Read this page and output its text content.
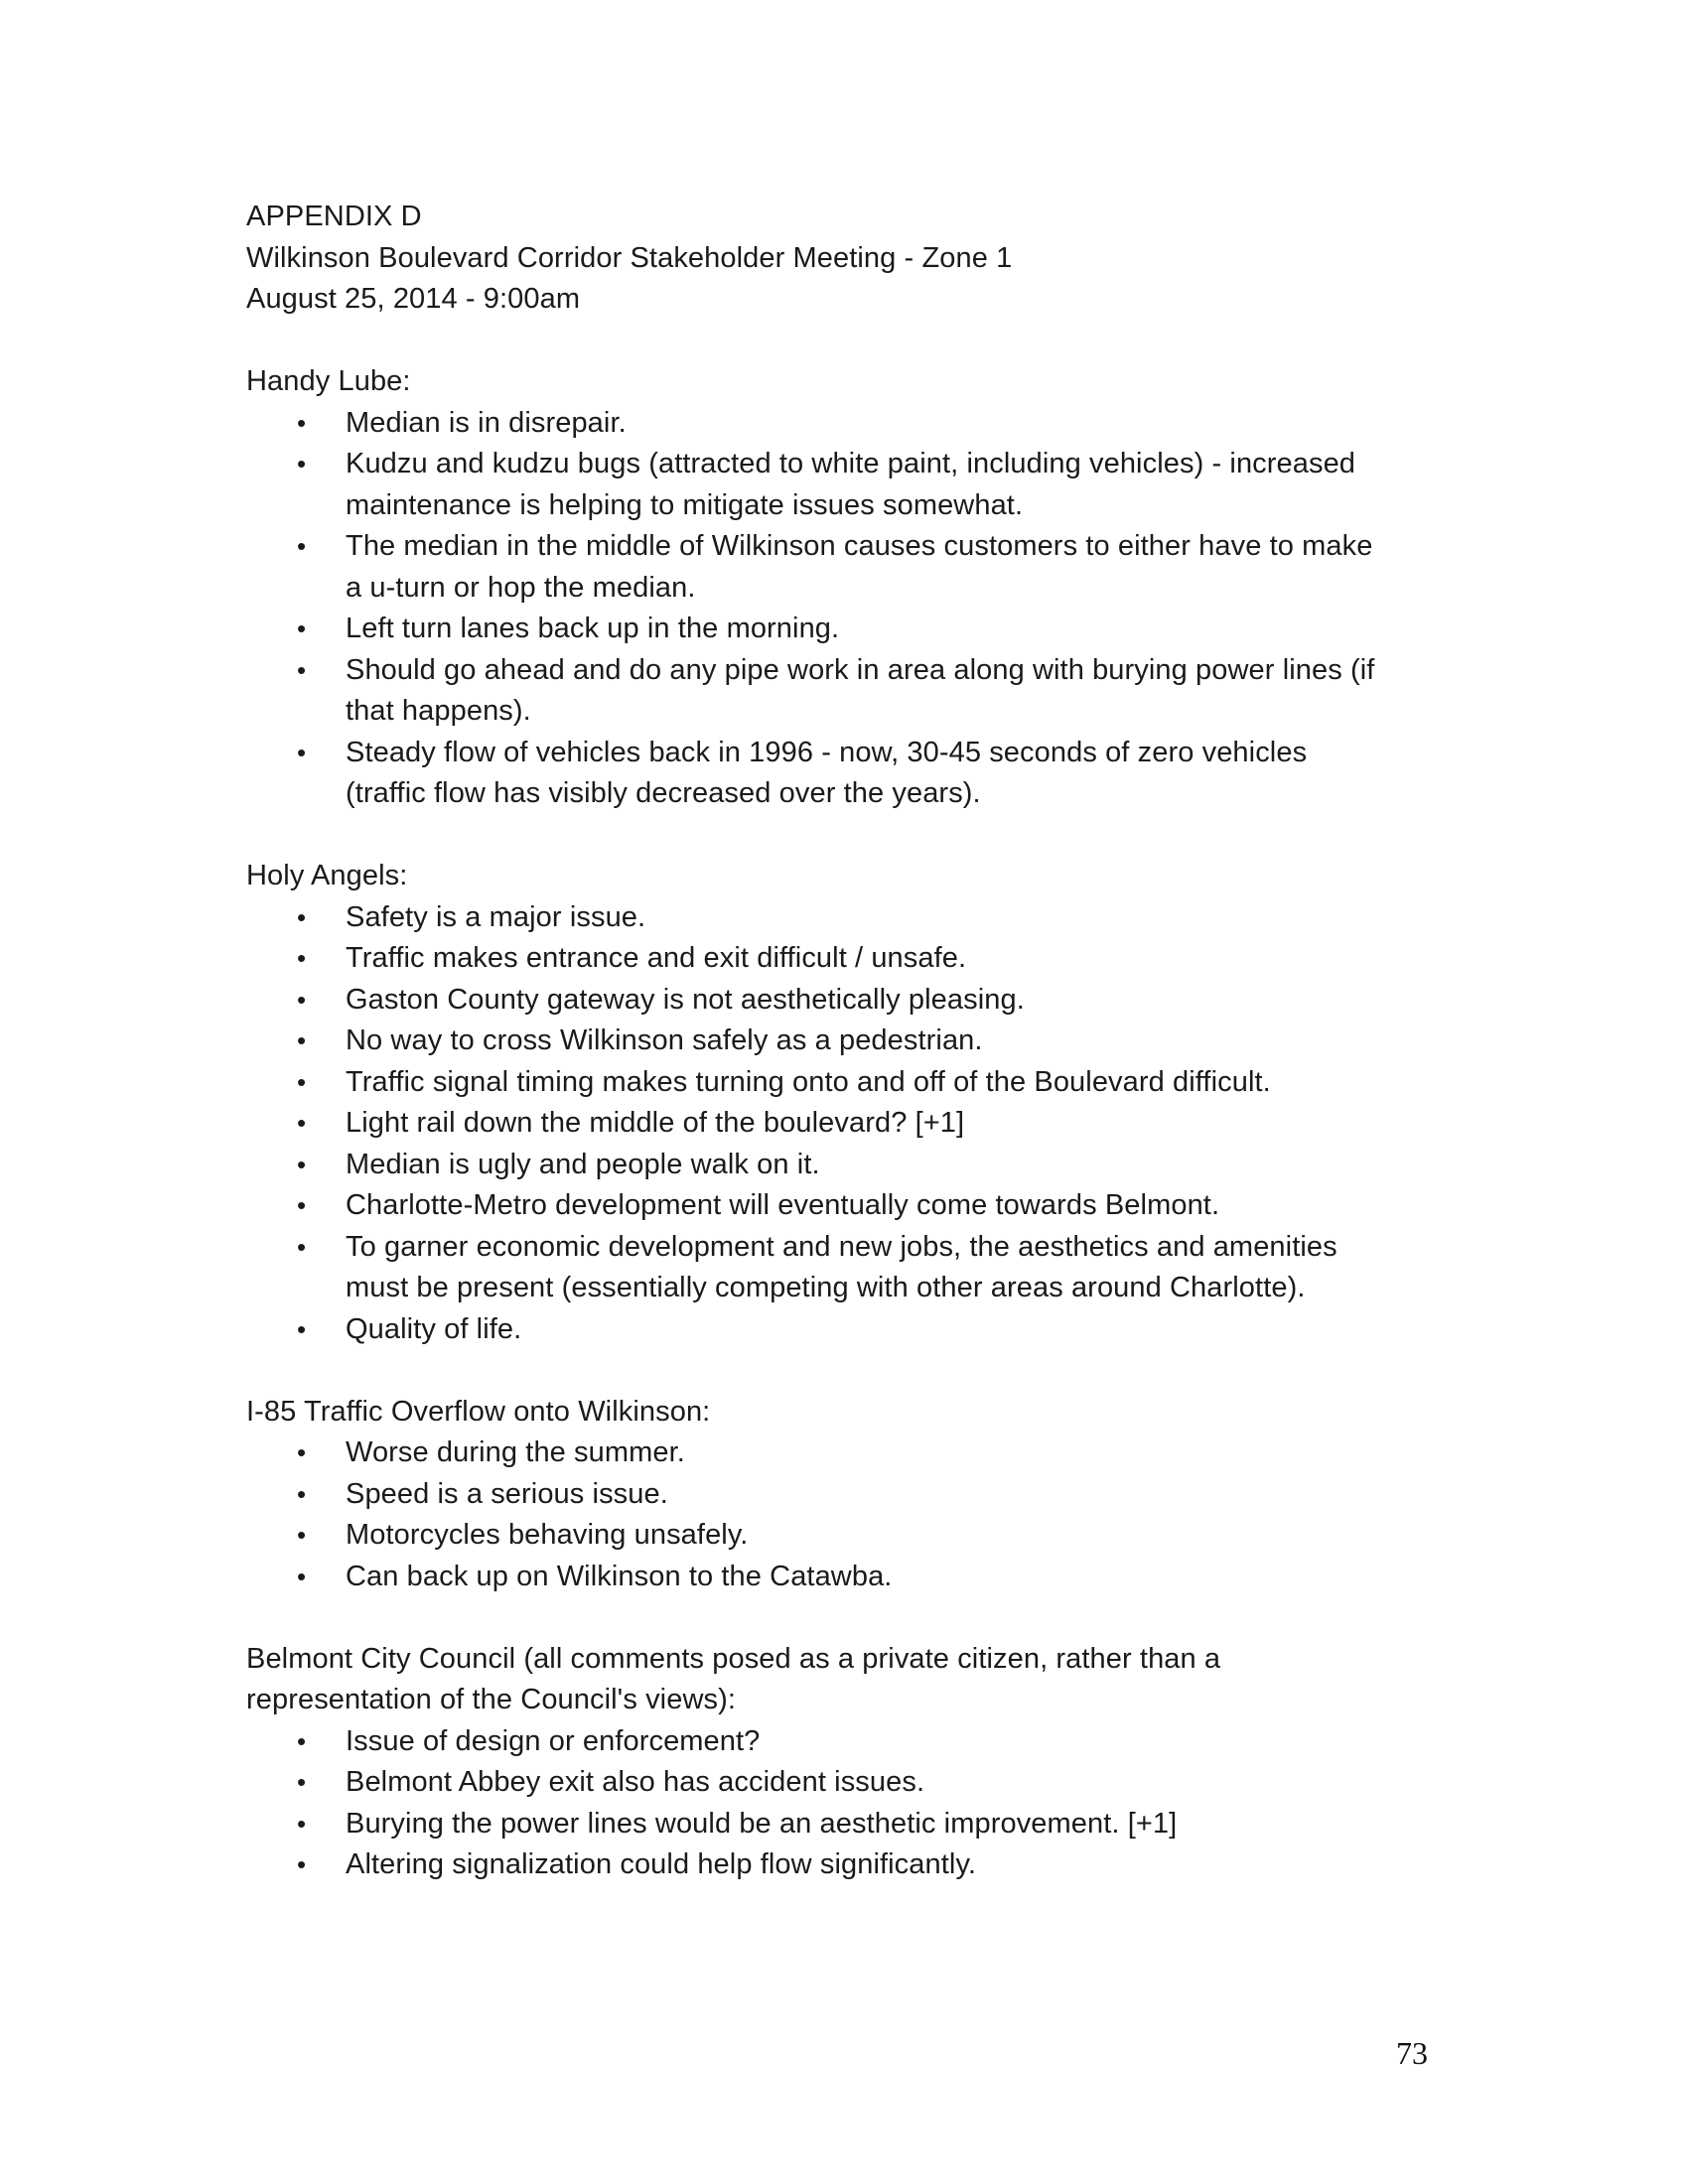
APPENDIX D
Wilkinson Boulevard Corridor Stakeholder Meeting - Zone 1
August 25, 2014 - 9:00am
Handy Lube:
• Median is in disrepair.
• Kudzu and kudzu bugs (attracted to white paint, including vehicles) - increased
maintenance is helping to mitigate issues somewhat.
• The median in the middle of Wilkinson causes customers to either have to make
a u-turn or hop the median.
• Left turn lanes back up in the morning.
• Should go ahead and do any pipe work in area along with burying power lines (if
that happens).
• Steady flow of vehicles back in 1996 - now, 30-45 seconds of zero vehicles
(traffic flow has visibly decreased over the years).
Holy Angels:
• Safety is a major issue.
• Traffic makes entrance and exit difficult / unsafe.
• Gaston County gateway is not aesthetically pleasing.
• No way to cross Wilkinson safely as a pedestrian.
• Traffic signal timing makes turning onto and off of the Boulevard difficult.
• Light rail down the middle of the boulevard? [+1]
• Median is ugly and people walk on it.
• Charlotte-Metro development will eventually come towards Belmont.
• To garner economic development and new jobs, the aesthetics and amenities
must be present (essentially competing with other areas around Charlotte).
• Quality of life.
I-85 Traffic Overflow onto Wilkinson:
• Worse during the summer.
• Speed is a serious issue.
• Motorcycles behaving unsafely.
• Can back up on Wilkinson to the Catawba.
Belmont City Council (all comments posed as a private citizen, rather than a
representation of the Council's views):
• Issue of design or enforcement?
• Belmont Abbey exit also has accident issues.
• Burying the power lines would be an aesthetic improvement. [+1]
• Altering signalization could help flow significantly.
73
